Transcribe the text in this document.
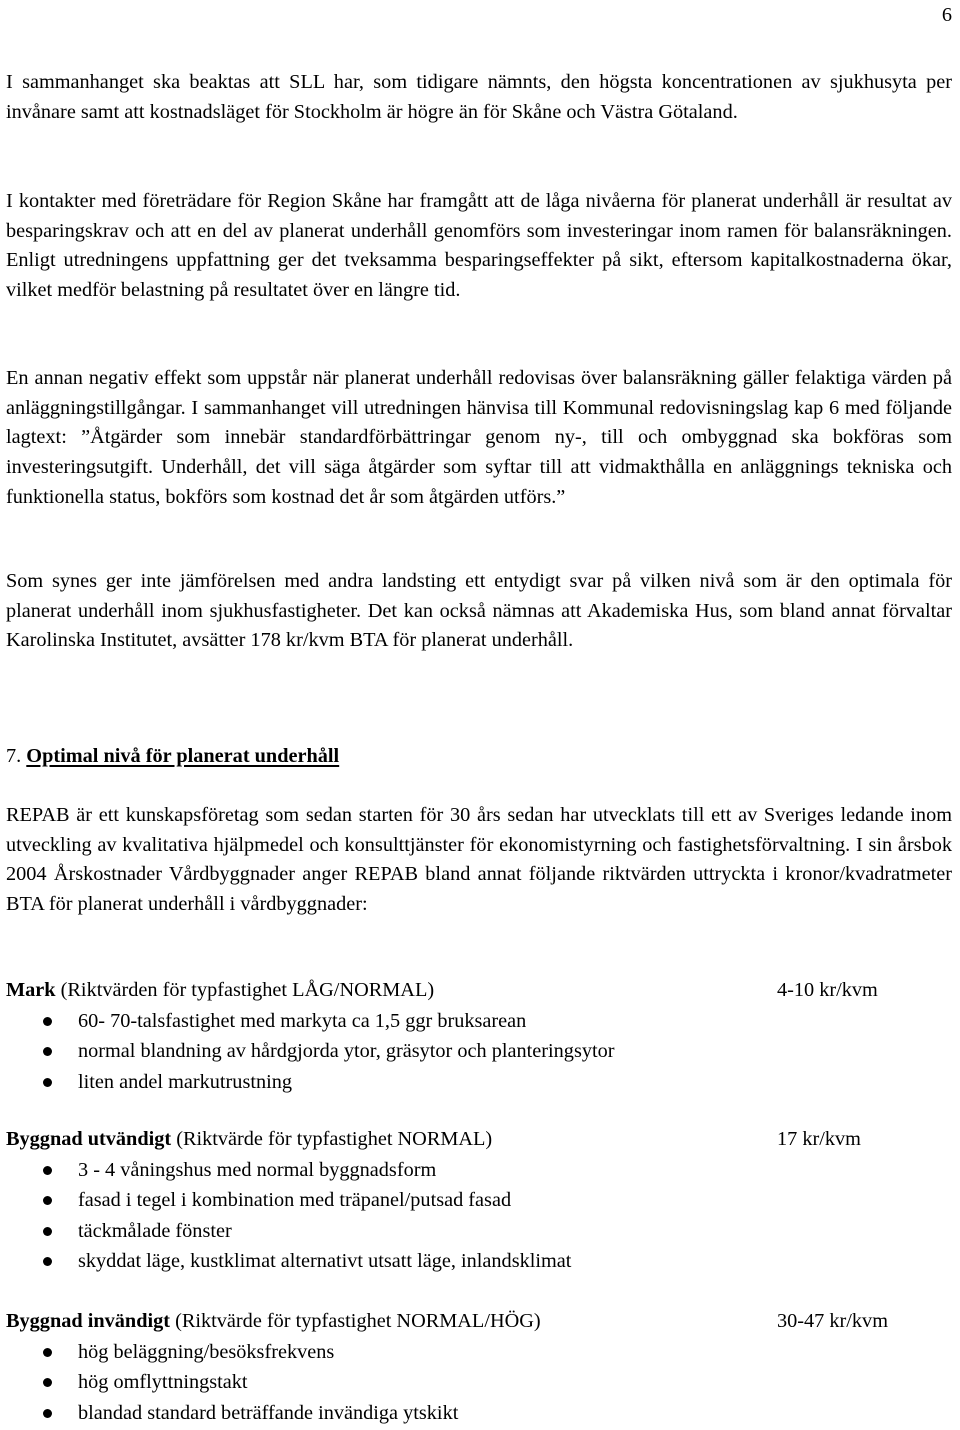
6

I sammanhanget ska beaktas att SLL har, som tidigare nämnts, den högsta koncentrationen av sjukhusyta per invånare samt att kostnadsläget för Stockholm är högre än för Skåne och Västra Götaland.

I kontakter med företrädare för Region Skåne har framgått att de låga nivåerna för planerat underhåll är resultat av besparingskrav och att en del av planerat underhåll genomförs som investeringar inom ramen för balansräkningen. Enligt utredningens uppfattning ger det tveksamma besparingseffekter på sikt, eftersom kapitalkostnaderna ökar, vilket medför belastning på resultatet över en längre tid.

En annan negativ effekt som uppstår när planerat underhåll redovisas över balansräkning gäller felaktiga värden på anläggningstillgångar. I sammanhanget vill utredningen hänvisa till Kommunal redovisningslag kap 6 med följande lagtext: ”Åtgärder som innebär standardförbättringar genom ny-, till och ombyggnad ska bokföras som investeringsutgift. Underhåll, det vill säga åtgärder som syftar till att vidmakthålla en anläggnings tekniska och funktionella status, bokförs som kostnad det år som åtgärden utförs.”

Som synes ger inte jämförelsen med andra landsting ett entydigt svar på vilken nivå som är den optimala för planerat underhåll inom sjukhusfastigheter. Det kan också nämnas att Akademiska Hus, som bland annat förvaltar Karolinska Institutet, avsätter 178 kr/kvm BTA för planerat underhåll.

7. Optimal nivå för planerat underhåll

REPAB är ett kunskapsföretag som sedan starten för 30 års sedan har utvecklats till ett av Sveriges ledande inom utveckling av kvalitativa hjälpmedel och konsulttjänster för ekonomistyrning och fastighetsförvaltning. I sin årsbok 2004 Årskostnader Vårdbyggnader anger REPAB bland annat följande riktvärden uttryckta i kronor/kvadratmeter BTA för planerat underhåll i vårdbyggnader:

Mark (Riktvärden för typfastighet LÅG/NORMAL)	4-10 kr/kvm

60- 70-talsfastighet med markyta ca 1,5 ggr bruksarean
normal blandning av hårdgjorda ytor, gräsytor och planteringsytor
liten andel markutrustning

Byggnad utvändigt (Riktvärde för typfastighet NORMAL)	17 kr/kvm

3 - 4 våningshus med normal byggnadsform
fasad i tegel i kombination med träpanel/putsad fasad
täckmålade fönster
skyddat läge, kustklimat alternativt utsatt läge, inlandsklimat

Byggnad invändigt (Riktvärde för typfastighet NORMAL/HÖG)	30-47 kr/kvm

hög beläggning/besöksfrekvens
hög omflyttningstakt
blandad standard beträffande invändiga ytskikt
